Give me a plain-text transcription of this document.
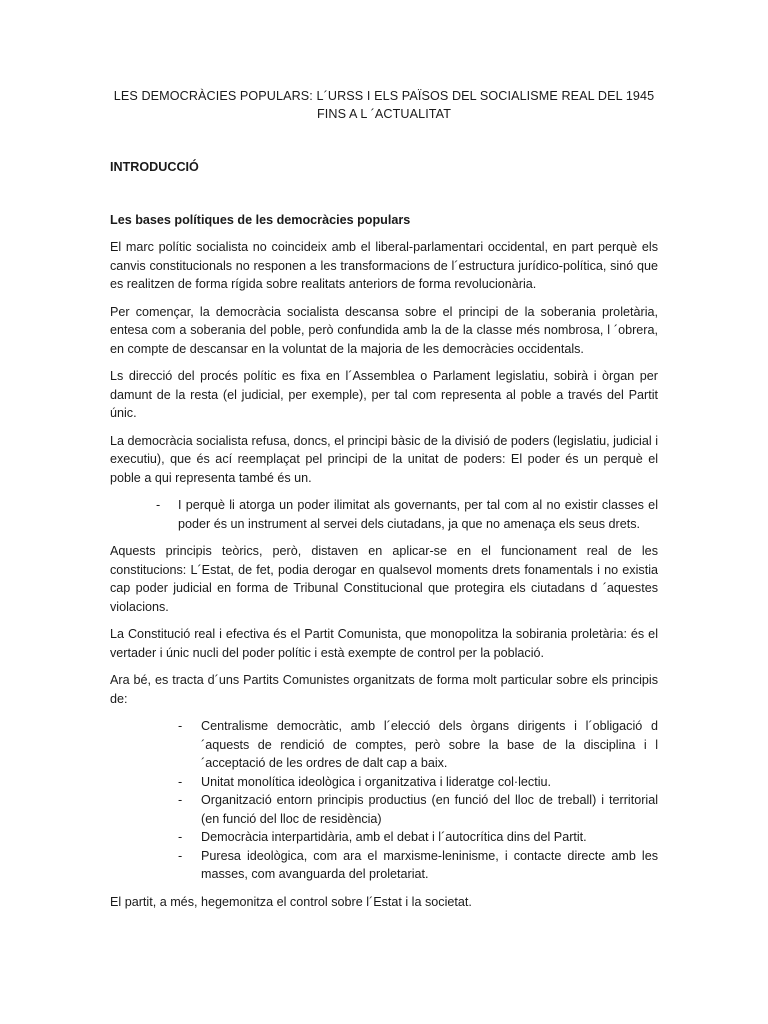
LES DEMOCRÀCIES POPULARS: L´URSS I ELS PAÏSOS DEL SOCIALISME REAL DEL 1945 FINS A L ´ACTUALITAT
INTRODUCCIÓ
Les bases polítiques de les democràcies populars

El marc polític socialista no coincideix amb el liberal-parlamentari occidental, en part perquè els canvis constitucionals no responen a les transformacions de l´estructura jurídico-política, sinó que es realitzen de forma rígida sobre realitats anteriors de forma revolucionària.

Per començar, la democràcia socialista descansa sobre el principi de la soberania proletària, entesa com a soberania del poble, però confundida amb la de la classe més nombrosa, l ´obrera, en compte de descansar en la voluntat de la majoria de les democràcies occidentals.

Ls direcció del procés polític es fixa en l´Assemblea o Parlament legislatiu, sobirà i òrgan per damunt de la resta (el judicial, per exemple), per tal com representa al poble a través del Partit únic.

La democràcia socialista refusa, doncs, el principi bàsic de la divisió de poders (legislatiu, judicial i executiu), que és ací reemplaçat pel principi de la unitat de poders: El poder és un perquè el poble a qui representa també és un.

- I perquè li atorga un poder ilimitat als governants, per tal com al no existir classes el poder és un instrument al servei dels ciutadans, ja que no amenaça els seus drets.

Aquests principis teòrics, però, distaven en aplicar-se en el funcionament real de les constitucions: L´Estat, de fet, podia derogar en qualsevol moments drets fonamentals i no existia cap poder judicial en forma de Tribunal Constitucional que protegira els ciutadans d ´aquestes violacions.

La Constitució real i efectiva és el Partit Comunista, que monopolitza la sobirania proletària: és el vertader i únic nucli del poder polític i està exempte de control per la població.

Ara bé, es tracta d´uns Partits Comunistes organitzats de forma molt particular sobre els principis de:

- Centralisme democràtic, amb l´elecció dels òrgans dirigents i l´obligació d ´aquests de rendició de comptes, però sobre la base de la disciplina i l ´acceptació de les ordres de dalt cap a baix.
- Unitat monolítica ideològica i organitzativa i lideratge col·lectiu.
- Organització entorn principis productius (en funció del lloc de treball) i territorial (en funció del lloc de residència)
- Democràcia interpartidària, amb el debat i l´autocrítica dins del Partit.
- Puresa ideològica, com ara el marxisme-leninisme, i contacte directe amb les masses, com avanguarda del proletariat.

El partit, a més, hegemonitza el control sobre l´Estat i la societat.
